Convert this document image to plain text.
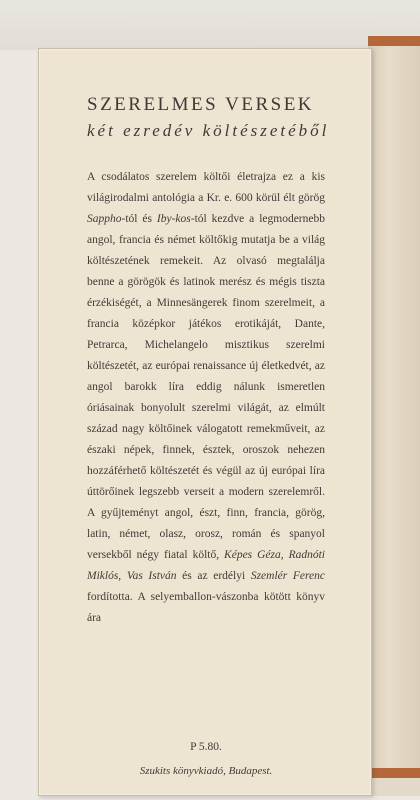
SZERELMES VERSEK
két ezredév költészetéből
A csodálatos szerelem költői életrajza ez a kis világirodalmi antológia a Kr. e. 600 körül élt görög Sappho-tól és Iby-kos-tól kezdve a legmodernebb angol, francia és német költőkig mutatja be a világ költészetének remekeit. Az olvasó megtalálja benne a görögök és latinok merész és mégis tiszta érzékiségét, a Minnesängerek finom szerelmeit, a francia középkor játékos erotikáját, Dante, Petrarca, Michelangelo misztikus szerelmi költészetét, az európai renaissance új életkedvét, az angol barokk líra eddig nálunk ismeretlen óriásainak bonyolult szerelmi világát, az elmúlt század nagy költőinek válogatott remekműveit, az északi népek, finnek, észtek, oroszok nehezen hozzáférhető költészetét és végül az új európai líra úttörőinek legszebb verseit a modern szerelemről. A gyűjteményt angol, észt, finn, francia, görög, latin, német, olasz, orosz, román és spanyol versekből négy fiatal költő, Képes Géza, Radnóti Miklós, Vas István és az erdélyi Szemlér Ferenc fordította. A selyemballon-vászonba kötött könyv ára
P 5.80.
Szukits könyvkiadó, Budapest.
